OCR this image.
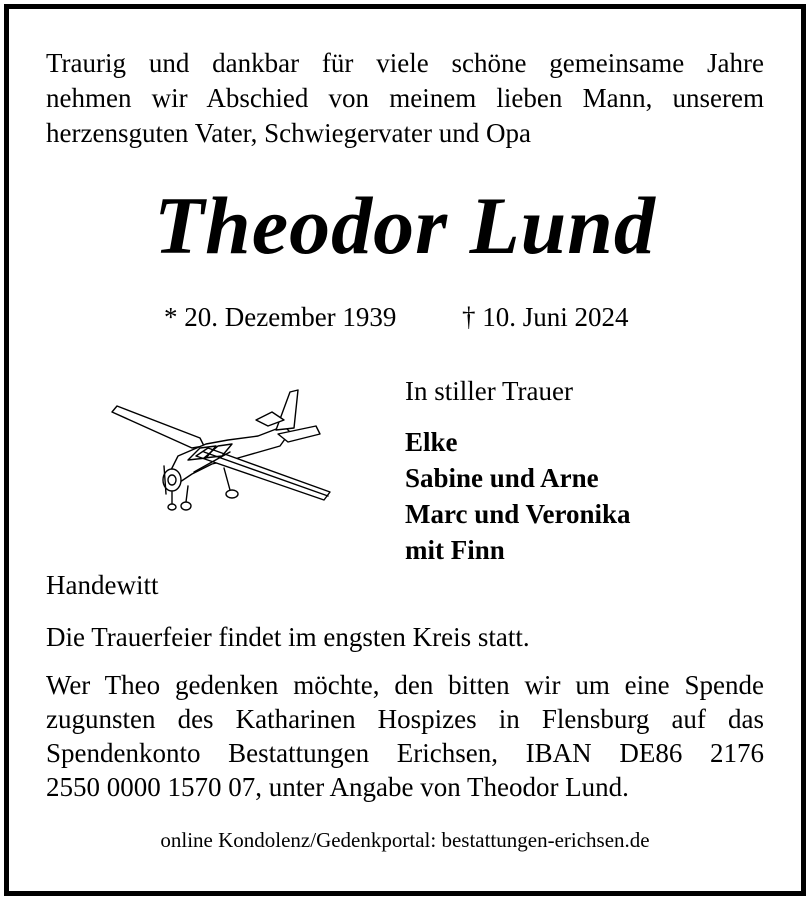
Traurig und dankbar für viele schöne gemeinsame Jahre
nehmen wir Abschied von meinem lieben Mann, unserem
herzensguten Vater, Schwiegervater und Opa
Theodor Lund
* 20. Dezember 1939 † 10. Juni 2024
In stiller Trauer
Elke
Sabine und Arne
Marc und Veronika
mit Finn
Handewitt
Die Trauerfeier findet im engsten Kreis statt.
Wer Theo gedenken möchte, den bitten wir um eine Spende
zugunsten des Katharinen Hospizes in Flensburg auf das
Spendenkonto Bestattungen Erichsen, IBAN DE86 2176
2550 0000 1570 07, unter Angabe von Theodor Lund.
online Kondolenz/Gedenkportal: bestattungen-erichsen.de
